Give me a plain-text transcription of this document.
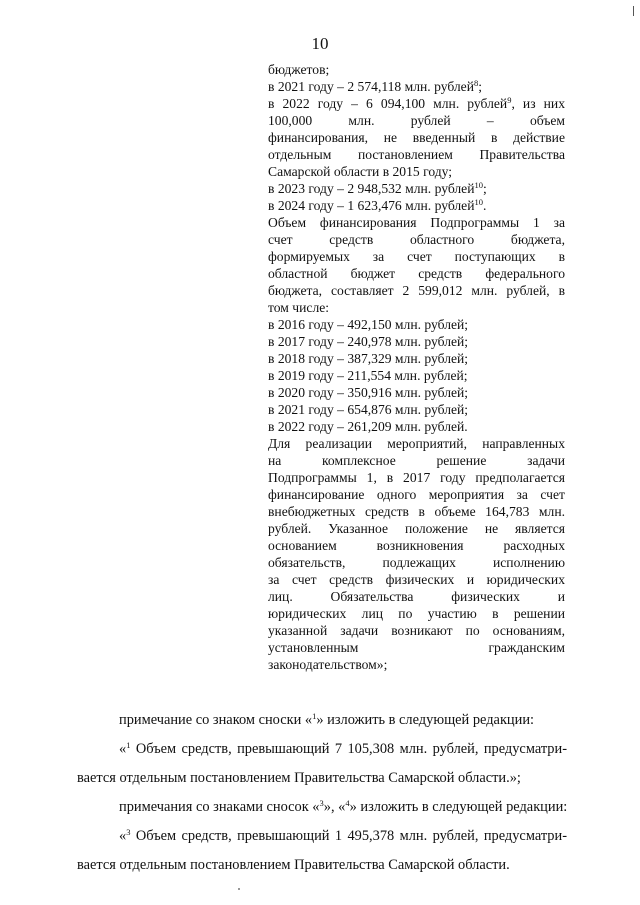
10
бюджетов;
в 2021 году – 2 574,118 млн. рублей$^8$;
в 2022 году – 6 094,100 млн. рублей$^9$, из них
100,000 млн. рублей – объем
финансирования, не введенный в действие
отдельным постановлением Правительства
Самарской области в 2015 году;
в 2023 году – 2 948,532 млн. рублей$^{10}$;
в 2024 году – 1 623,476 млн. рублей$^{10}$.
Объем финансирования Подпрограммы 1 за
счет средств областного бюджета,
формируемых за счет поступающих в
областной бюджет средств федерального
бюджета, составляет 2 599,012 млн. рублей, в
том числе:
в 2016 году – 492,150 млн. рублей;
в 2017 году – 240,978 млн. рублей;
в 2018 году – 387,329 млн. рублей;
в 2019 году – 211,554 млн. рублей;
в 2020 году – 350,916 млн. рублей;
в 2021 году – 654,876 млн. рублей;
в 2022 году – 261,209 млн. рублей.
Для реализации мероприятий, направленных
на комплексное решение задачи
Подпрограммы 1, в 2017 году предполагается
финансирование одного мероприятия за счет
внебюджетных средств в объеме 164,783 млн.
рублей. Указанное положение не является
основанием возникновения расходных
обязательств, подлежащих исполнению
за счет средств физических и юридических
лиц. Обязательства физических и
юридических лиц по участию в решении
указанной задачи возникают по основаниям,
установленным гражданским
законодательством»;
примечание со знаком сноски «$^1$» изложить в следующей редакции:
«$^1$ Объем средств, превышающий 7 105,308 млн. рублей, предусматри-
вается отдельным постановлением Правительства Самарской области.»;
примечания со знаками сносок «$^3$», «$^4$» изложить в следующей редакции:
«$^3$ Объем средств, превышающий 1 495,378 млн. рублей, предусматри-
вается отдельным постановлением Правительства Самарской области.
